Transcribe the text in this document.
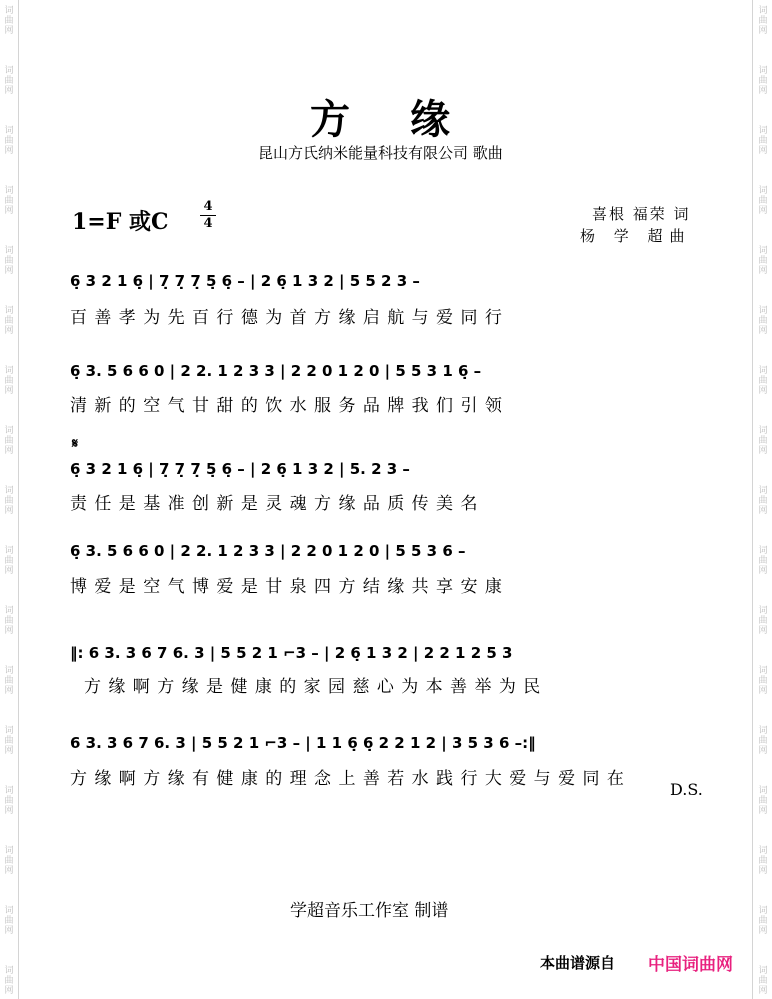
词
曲
网
词
曲
网
词
曲
网
词
曲
网
词
曲
网
词
曲
网
词
曲
网
词
曲
网
词
曲
网
词
曲
网
词
曲
网
词
曲
网
词
曲
网
词
曲
网
词
曲
网
词
曲
网
词
曲
网
词
曲
网
词
曲
网
词
曲
网
词
曲
网
词
曲
网
词
曲
网
词
曲
网
词
曲
网
词
曲
网
词
曲
网
词
曲
网
词
曲
网
词
曲
网
词
曲
网
词
曲
网
词
曲
网
词
曲
网
方缘
昆山方氏纳米能量科技有限公司 歌曲
1=F 或C
4
4
喜根 福荣 词
杨 学 超曲
𝄋
6̣ 3 2 1 6̣ | 7̣ 7̣ 7̣ 5̣ 6̣ – | 2 6̣ 1 3 2 | 5 5 2 3 –
百 善 孝 为 先 百 行 德 为 首 方 缘 启 航 与 爱 同 行
6̣ 3. 5 6 6 0 | 2 2. 1 2 3 3 | 2 2 0 1 2 0 | 5 5 3 1 6̣ –
清 新 的 空 气 甘 甜 的 饮 水 服 务 品 牌 我 们 引 领
6̣ 3 2 1 6̣ | 7̣ 7̣ 7̣ 5̣ 6̣ – | 2 6̣ 1 3 2 | 5. 2 3 –
责 任 是 基 准 创 新 是 灵 魂 方 缘 品 质 传 美 名
6̣ 3. 5 6 6 0 | 2 2. 1 2 3 3 | 2 2 0 1 2 0 | 5 5 3 6 –
博 爱 是 空 气 博 爱 是 甘 泉 四 方 结 缘 共 享 安 康
‖: 6 3. 3 6 7 6. 3 | 5 5 2 1 ⌐3 – | 2 6̣ 1 3 2 | 2 2 1 2 5 3
方 缘 啊 方 缘 是 健 康 的 家 园 慈 心 为 本 善 举 为 民
6 3. 3 6 7 6. 3 | 5 5 2 1 ⌐3 – | 1 1 6̣ 6̣ 2 2 1 2 | 3 5 3 6 –:‖
方 缘 啊 方 缘 有 健 康 的 理 念 上 善 若 水 践 行 大 爱 与 爱 同 在
D.S.
学超音乐工作室 制谱
本曲谱源自 中国词曲网
